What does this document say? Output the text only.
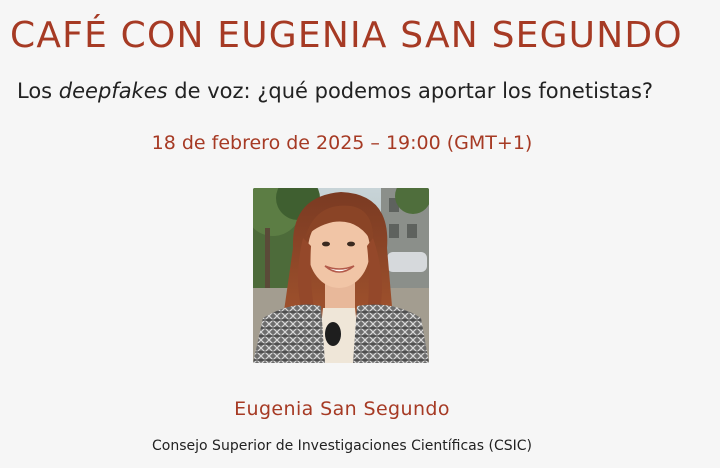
CAFÉ CON EUGENIA SAN SEGUNDO
Los deepfakes de voz: ¿qué podemos aportar los fonetistas?
18 de febrero de 2025 – 19:00 (GMT+1)
Eugenia San Segundo
Consejo Superior de Investigaciones Científicas (CSIC)
